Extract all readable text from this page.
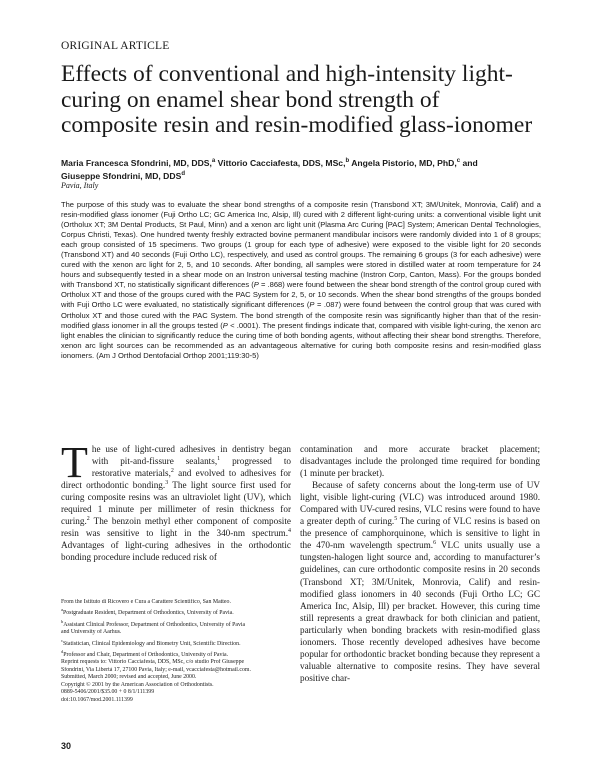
ORIGINAL ARTICLE
Effects of conventional and high-intensity light-curing on enamel shear bond strength of composite resin and resin-modified glass-ionomer
Maria Francesca Sfondrini, MD, DDS,$^a$ Vittorio Cacciafesta, DDS, MSc,$^b$ Angela Pistorio, MD, PhD,$^c$ and
Giuseppe Sfondrini, MD, DDS$^d$
Pavia, Italy
The purpose of this study was to evaluate the shear bond strengths of a composite resin (Transbond XT; 3M/Unitek, Monrovia, Calif) and a resin-modified glass ionomer (Fuji Ortho LC; GC America Inc, Alsip, Ill) cured with 2 different light-curing units: a conventional visible light unit (Ortholux XT; 3M Dental Products, St Paul, Minn) and a xenon arc light unit (Plasma Arc Curing [PAC] System; American Dental Technologies, Corpus Christi, Texas). One hundred twenty freshly extracted bovine permanent mandibular incisors were randomly divided into 1 of 8 groups; each group consisted of 15 specimens. Two groups (1 group for each type of adhesive) were exposed to the visible light for 20 seconds (Transbond XT) and 40 seconds (Fuji Ortho LC), respectively, and used as control groups. The remaining 6 groups (3 for each adhesive) were cured with the xenon arc light for 2, 5, and 10 seconds. After bonding, all samples were stored in distilled water at room temperature for 24 hours and subsequently tested in a shear mode on an Instron universal testing machine (Instron Corp, Canton, Mass). For the groups bonded with Transbond XT, no statistically significant differences (P = .868) were found between the shear bond strength of the control group cured with Ortholux XT and those of the groups cured with the PAC System for 2, 5, or 10 seconds. When the shear bond strengths of the groups bonded with Fuji Ortho LC were evaluated, no statistically significant differences (P = .087) were found between the control group that was cured with Ortholux XT and those cured with the PAC System. The bond strength of the composite resin was significantly higher than that of the resin-modified glass ionomer in all the groups tested (P < .0001). The present findings indicate that, compared with visible light-curing, the xenon arc light enables the clinician to significantly reduce the curing time of both bonding agents, without affecting their shear bond strengths. Therefore, xenon arc light sources can be recommended as an advantageous alternative for curing both composite resins and resin-modified glass ionomers. (Am J Orthod Dentofacial Orthop 2001;119:30-5)

The use of light-cured adhesives in dentistry began with pit-and-fissure sealants,$^1$ progressed to restorative materials,$^2$ and evolved to adhesives for direct orthodontic bonding.$^3$ The light source first used for curing composite resins was an ultraviolet light (UV), which required 1 minute per millimeter of resin thickness for curing.$^2$ The benzoin methyl ether component of composite resin was sensitive to light in the 340-nm spectrum.$^4$ Advantages of light-curing adhesives in the orthodontic bonding procedure include reduced risk of

contamination and more accurate bracket placement; disadvantages include the prolonged time required for bonding (1 minute per bracket).

Because of safety concerns about the long-term use of UV light, visible light-curing (VLC) was introduced around 1980. Compared with UV-cured resins, VLC resins were found to have a greater depth of curing.$^5$ The curing of VLC resins is based on the presence of camphorquinone, which is sensitive to light in the 470-nm wavelength spectrum.$^6$ VLC units usually use a tungsten-halogen light source and, according to manufacturer’s guidelines, can cure orthodontic composite resins in 20 seconds (Transbond XT; 3M/Unitek, Monrovia, Calif) and resin-modified glass ionomers in 40 seconds (Fuji Ortho LC; GC America Inc, Alsip, Ill) per bracket. However, this curing time still represents a great drawback for both clinician and patient, particularly when bonding brackets with resin-modified glass ionomers. Those recently developed adhesives have become popular for orthodontic bracket bonding because they represent a valuable alternative to composite resins. They have several positive char-

From the Istituto di Ricovero e Cura a Carattere Scientifico, San Matteo.
$^a$Postgraduate Resident, Department of Orthodontics, University of Pavia.
$^b$Assistant Clinical Professor, Department of Orthodontics, University of Pavia
and University of Aarhus.
$^c$Statistician, Clinical Epidemiology and Biometry Unit, Scientific Direction.
$^d$Professor and Chair, Department of Orthodontics, University of Pavia.
Reprint requests to: Vittorio Cacciafesta, DDS, MSc, c/o studio Prof Giuseppe
Sfondrini, Via Libertà 17, 27100 Pavia, Italy; e-mail, vcacciafesta@hotmail.com.
Submitted, March 2000; revised and accepted, June 2000.
Copyright © 2001 by the American Association of Orthodontists.
0889-5406/2001/$35.00 + 0 8/1/111399
doi:10.1067/mod.2001.111399
30
